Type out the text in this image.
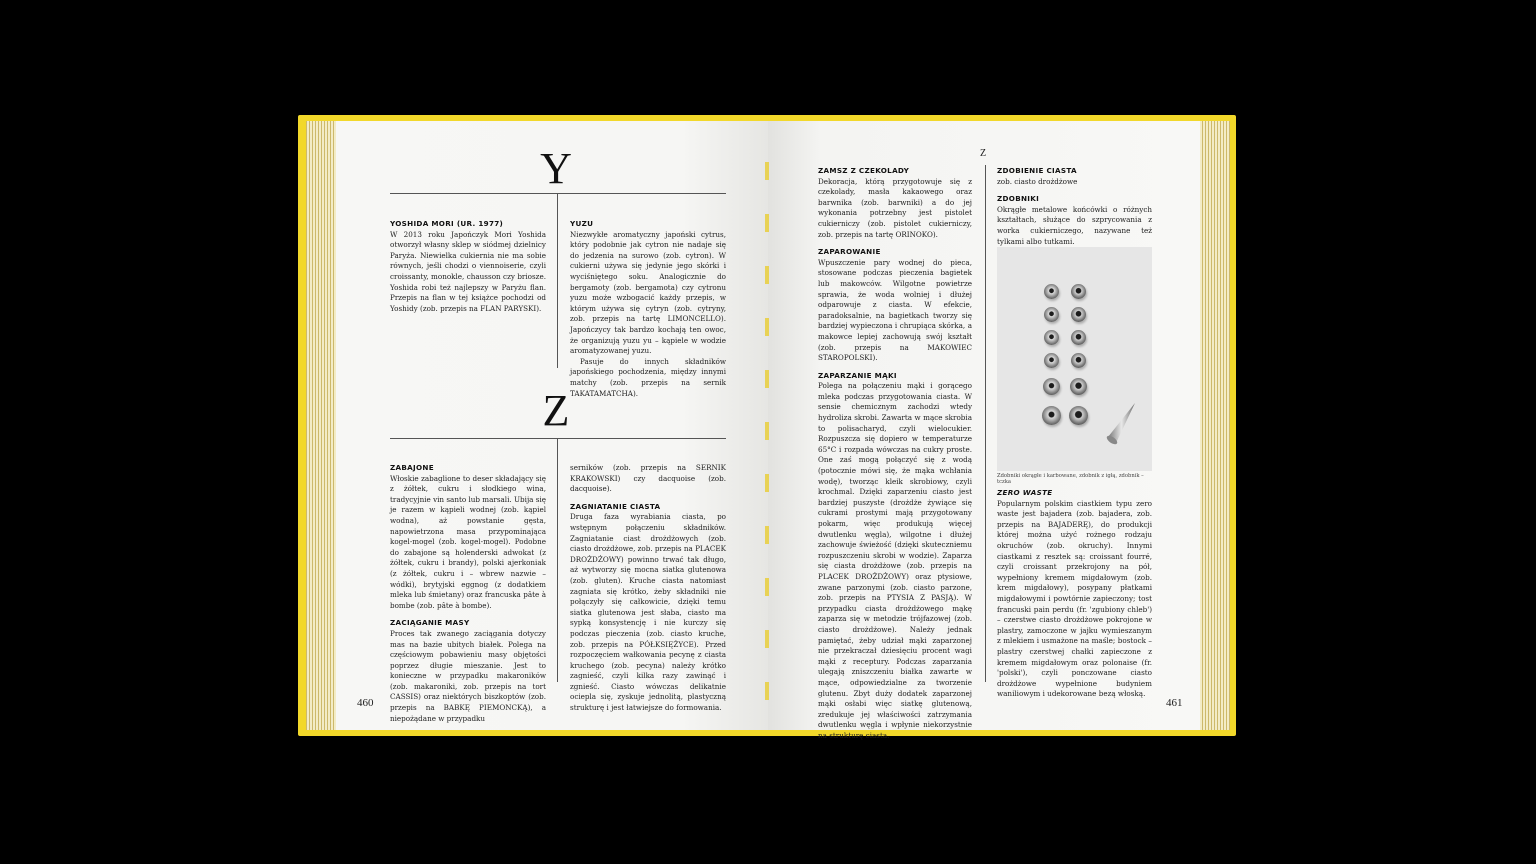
Y
YOSHIDA MORI (UR. 1977)

W 2013 roku Japończyk Mori Yoshida otworzył własny sklep w siódmej dzielnicy Paryża. Niewielka cukiernia nie ma sobie równych, jeśli chodzi o viennoiserie, czyli croissanty, monokle, chausson czy briosze. Yoshida robi też najlepszy w Paryżu flan. Przepis na flan w tej książce pochodzi od Yoshidy (zob. przepis na FLAN PARYSKI).

YUZU

Niezwykłe aromatyczny japoński cytrus, który podobnie jak cytron nie nadaje się do jedzenia na surowo (zob. cytron). W cukierni używa się jedynie jego skórki i wyciśniętego soku. Analogicznie do bergamoty (zob. bergamota) czy cytronu yuzu może wzbogacić każdy przepis, w którym używa się cytryn (zob. cytryny, zob. przepis na tartę LIMONCELLO). Japończycy tak bardzo kochają ten owoc, że organizują yuzu yu – kąpiele w wodzie aromatyzowanej yuzu.

Pasuje do innych składników japońskiego pochodzenia, między innymi matchy (zob. przepis na sernik TAKATAMATCHA).

Z
ZABAJONE

Włoskie zabaglione to deser składający się z żółtek, cukru i słodkiego wina, tradycyjnie vin santo lub marsali. Ubija się je razem w kąpieli wodnej (zob. kąpiel wodna), aż powstanie gęsta, napowietrzona masa przypominająca kogel-mogel (zob. kogel-mogel). Podobne do zabajone są holenderski adwokat (z żółtek, cukru i brandy), polski ajerkoniak (z żółtek, cukru i – wbrew nazwie – wódki), brytyjski eggnog (z dodatkiem mleka lub śmietany) oraz francuska pâte à bombe (zob. pâte à bombe).

ZACIĄGANIE MASY

Proces tak zwanego zaciągania dotyczy mas na bazie ubitych białek. Polega na częściowym pobawieniu masy objętości poprzez długie mieszanie. Jest to konieczne w przypadku makaroników (zob. makaroniki, zob. przepis na tort CASSIS) oraz niektórych biszkoptów (zob. przepis na BABKĘ PIEMONCKĄ), a niepożądane w przypadku

serników (zob. przepis na SERNIK KRAKOWSKI) czy dacquoise (zob. dacquoise).

ZAGNIATANIE CIASTA

Druga faza wyrabiania ciasta, po wstępnym połączeniu składników. Zagniatanie ciast drożdżowych (zob. ciasto drożdżowe, zob. przepis na PLACEK DROŻDŻOWY) powinno trwać tak długo, aż wytworzy się mocna siatka glutenowa (zob. gluten). Kruche ciasta natomiast zagniata się krótko, żeby składniki nie połączyły się całkowicie, dzięki temu siatka glutenowa jest słaba, ciasto ma sypką konsystencję i nie kurczy się podczas pieczenia (zob. ciasto kruche, zob. przepis na PÓŁKSIĘŻYCE). Przed rozpoczęciem wałkowania pecynę z ciasta kruchego (zob. pecyna) należy krótko zagnieść, czyli kilka razy zawinąć i zgnieść. Ciasto wówczas delikatnie ociepla się, zyskuje jednolitą, plastyczną strukturę i jest łatwiejsze do formowania.

460
Z
ZAMSZ Z CZEKOLADY

Dekoracja, którą przygotowuje się z czekolady, masła kakaowego oraz barwnika (zob. barwniki) a do jej wykonania potrzebny jest pistolet cukierniczy (zob. pistolet cukierniczy, zob. przepis na tartę ORINOKO).

ZAPAROWANIE

Wpuszczenie pary wodnej do pieca, stosowane podczas pieczenia bagietek lub makowców. Wilgotne powietrze sprawia, że woda wolniej i dłużej odparowuje z ciasta. W efekcie, paradoksalnie, na bagietkach tworzy się bardziej wypieczona i chrupiąca skórka, a makowce lepiej zachowują swój kształt (zob. przepis na MAKOWIEC STAROPOLSKI).

ZAPARZANIE MĄKI

Polega na połączeniu mąki i gorącego mleka podczas przygotowania ciasta. W sensie chemicznym zachodzi wtedy hydroliza skrobi. Zawarta w mące skrobia to polisacharyd, czyli wielocukier. Rozpuszcza się dopiero w temperaturze 65°C i rozpada wówczas na cukry proste. One zaś mogą połączyć się z wodą (potocznie mówi się, że mąka wchłania wodę), tworząc kleik skrobiowy, czyli krochmal. Dzięki zaparzeniu ciasto jest bardziej puszyste (drożdże żywiące się cukrami prostymi mają przygotowany pokarm, więc produkują więcej dwutlenku węgla), wilgotne i dłużej zachowuje świeżość (dzięki skuteczniemu rozpuszczeniu skrobi w wodzie). Zaparza się ciasta drożdżowe (zob. przepis na PLACEK DROŻDŻOWY) oraz ptysiowe, zwane parzonymi (zob. ciasto parzone, zob. przepis na PTYSIA Z PASJĄ). W przypadku ciasta drożdżowego mąkę zaparza się w metodzie trójfazowej (zob. ciasto drożdżowe). Należy jednak pamiętać, żeby udział mąki zaparzonej nie przekraczał dziesięciu procent wagi mąki z receptury. Podczas zaparzania ulegają zniszczeniu białka zawarte w mące, odpowiedzialne za tworzenie glutenu. Zbyt duży dodatek zaparzonej mąki osłabi więc siatkę glutenową, zredukuje jej właściwości zatrzymania dwutlenku węgla i wpłynie niekorzystnie na strukturę ciasta.

ZDOBIENIE CIASTA

zob. ciasto drożdżowe

ZDOBNIKI

Okrągłe metalowe końcówki o różnych kształtach, służące do szprycowania z worka cukierniczego, nazywane też tylkami albo tutkami.

Zdobniki okrągłe i karbowane, zdobnik z igłą, zdobnik – tczka
ZERO WASTE

Popularnym polskim ciastkiem typu zero waste jest bajadera (zob. bajadera, zob. przepis na BAJADERĘ), do produkcji której można użyć rożnego rodzaju okruchów (zob. okruchy). Innymi ciastkami z resztek są: croissant fourré, czyli croissant przekrojony na pół, wypełniony kremem migdałowym (zob. krem migdałowy), posypany płatkami migdałowymi i powtórnie zapieczony; tost francuski pain perdu (fr. 'zgubiony chleb') – czerstwe ciasto drożdżowe pokrojone w plastry, zamoczone w jajku wymieszanym z mlekiem i usmażone na maśle; bostock – plastry czerstwej chałki zapieczone z kremem migdałowym oraz polonaise (fr. 'polski'), czyli ponczowane ciasto drożdżowe wypełnione budyniem waniliowym i udekorowane bezą włoską.

461
